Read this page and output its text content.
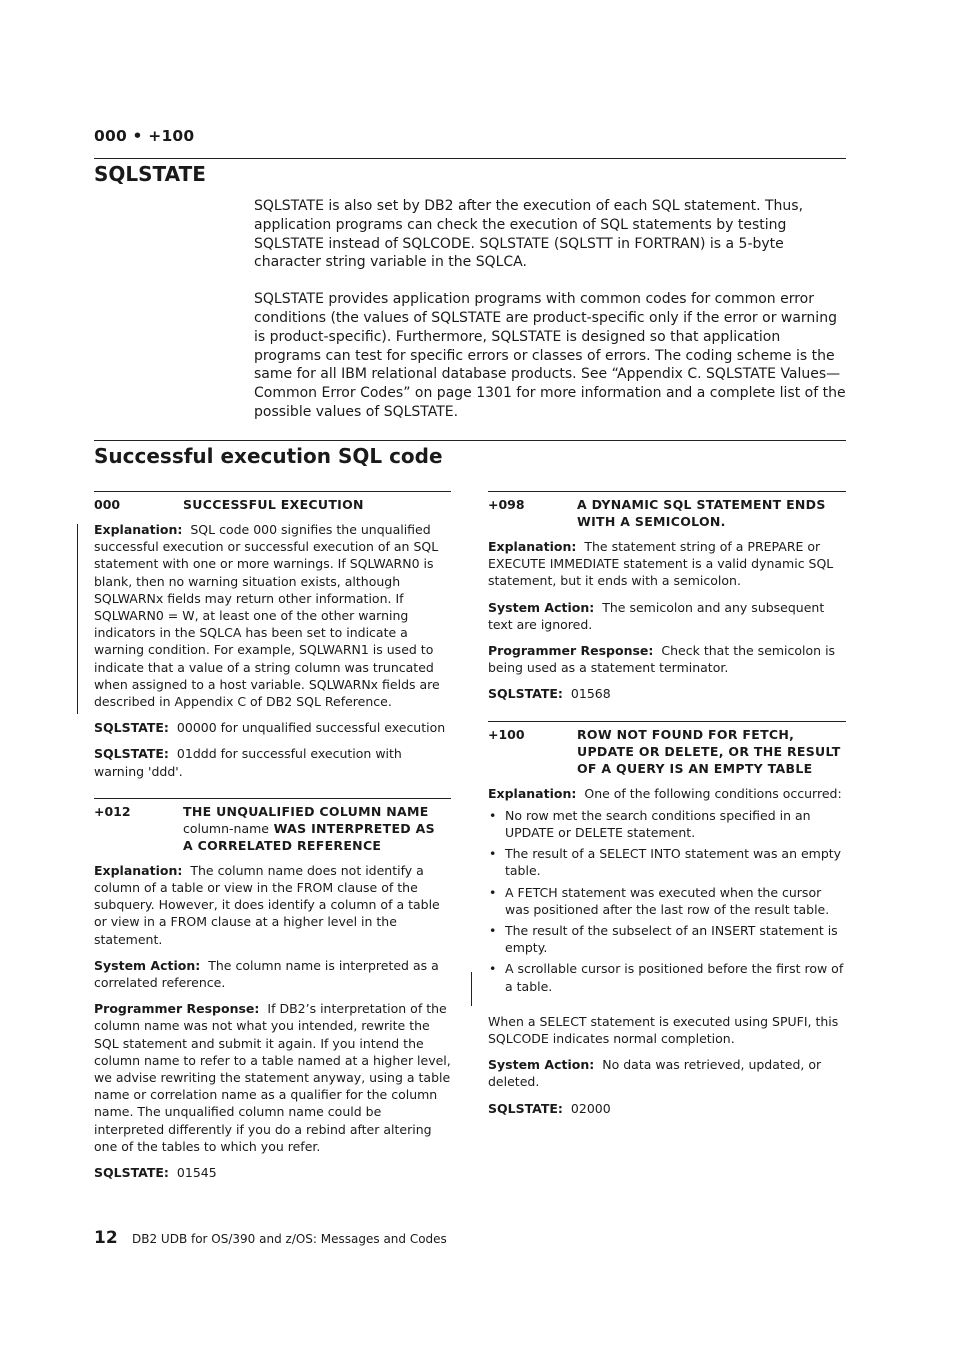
000 • +100
SQLSTATE

SQLSTATE is also set by DB2 after the execution of each SQL statement. Thus, application programs can check the execution of SQL statements by testing SQLSTATE instead of SQLCODE. SQLSTATE (SQLSTT in FORTRAN) is a 5-byte character string variable in the SQLCA.

SQLSTATE provides application programs with common codes for common error conditions (the values of SQLSTATE are product-specific only if the error or warning is product-specific). Furthermore, SQLSTATE is designed so that application programs can test for specific errors or classes of errors. The coding scheme is the same for all IBM relational database products. See “Appendix C. SQLSTATE Values—Common Error Codes” on page 1301 for more information and a complete list of the possible values of SQLSTATE.

Successful execution SQL code
000	SUCCESSFUL EXECUTION

Explanation: SQL code 000 signifies the unqualified successful execution or successful execution of an SQL statement with one or more warnings. If SQLWARN0 is blank, then no warning situation exists, although SQLWARNx fields may return other information. If SQLWARN0 = W, at least one of the other warning indicators in the SQLCA has been set to indicate a warning condition. For example, SQLWARN1 is used to indicate that a value of a string column was truncated when assigned to a host variable. SQLWARNx fields are described in Appendix C of DB2 SQL Reference.

SQLSTATE: 00000 for unqualified successful execution

SQLSTATE: 01ddd for successful execution with warning 'ddd'.

+012	THE UNQUALIFIED COLUMN NAME
column-name WAS INTERPRETED AS A CORRELATED REFERENCE

Explanation: The column name does not identify a column of a table or view in the FROM clause of the subquery. However, it does identify a column of a table or view in a FROM clause at a higher level in the statement.

System Action: The column name is interpreted as a correlated reference.

Programmer Response: If DB2’s interpretation of the column name was not what you intended, rewrite the SQL statement and submit it again. If you intend the column name to refer to a table named at a higher level, we advise rewriting the statement anyway, using a table name or correlation name as a qualifier for the column name. The unqualified column name could be interpreted differently if you do a rebind after altering one of the tables to which you refer.

SQLSTATE: 01545

+098	A DYNAMIC SQL STATEMENT ENDS WITH A SEMICOLON.

Explanation: The statement string of a PREPARE or EXECUTE IMMEDIATE statement is a valid dynamic SQL statement, but it ends with a semicolon.

System Action: The semicolon and any subsequent text are ignored.

Programmer Response: Check that the semicolon is being used as a statement terminator.

SQLSTATE: 01568

+100	ROW NOT FOUND FOR FETCH, UPDATE OR DELETE, OR THE RESULT OF A QUERY IS AN EMPTY TABLE

Explanation: One of the following conditions occurred:

• No row met the search conditions specified in an UPDATE or DELETE statement.
• The result of a SELECT INTO statement was an empty table.
• A FETCH statement was executed when the cursor was positioned after the last row of the result table.
• The result of the subselect of an INSERT statement is empty.
• A scrollable cursor is positioned before the first row of a table.

When a SELECT statement is executed using SPUFI, this SQLCODE indicates normal completion.

System Action: No data was retrieved, updated, or deleted.

SQLSTATE: 02000

12 DB2 UDB for OS/390 and z/OS: Messages and Codes
